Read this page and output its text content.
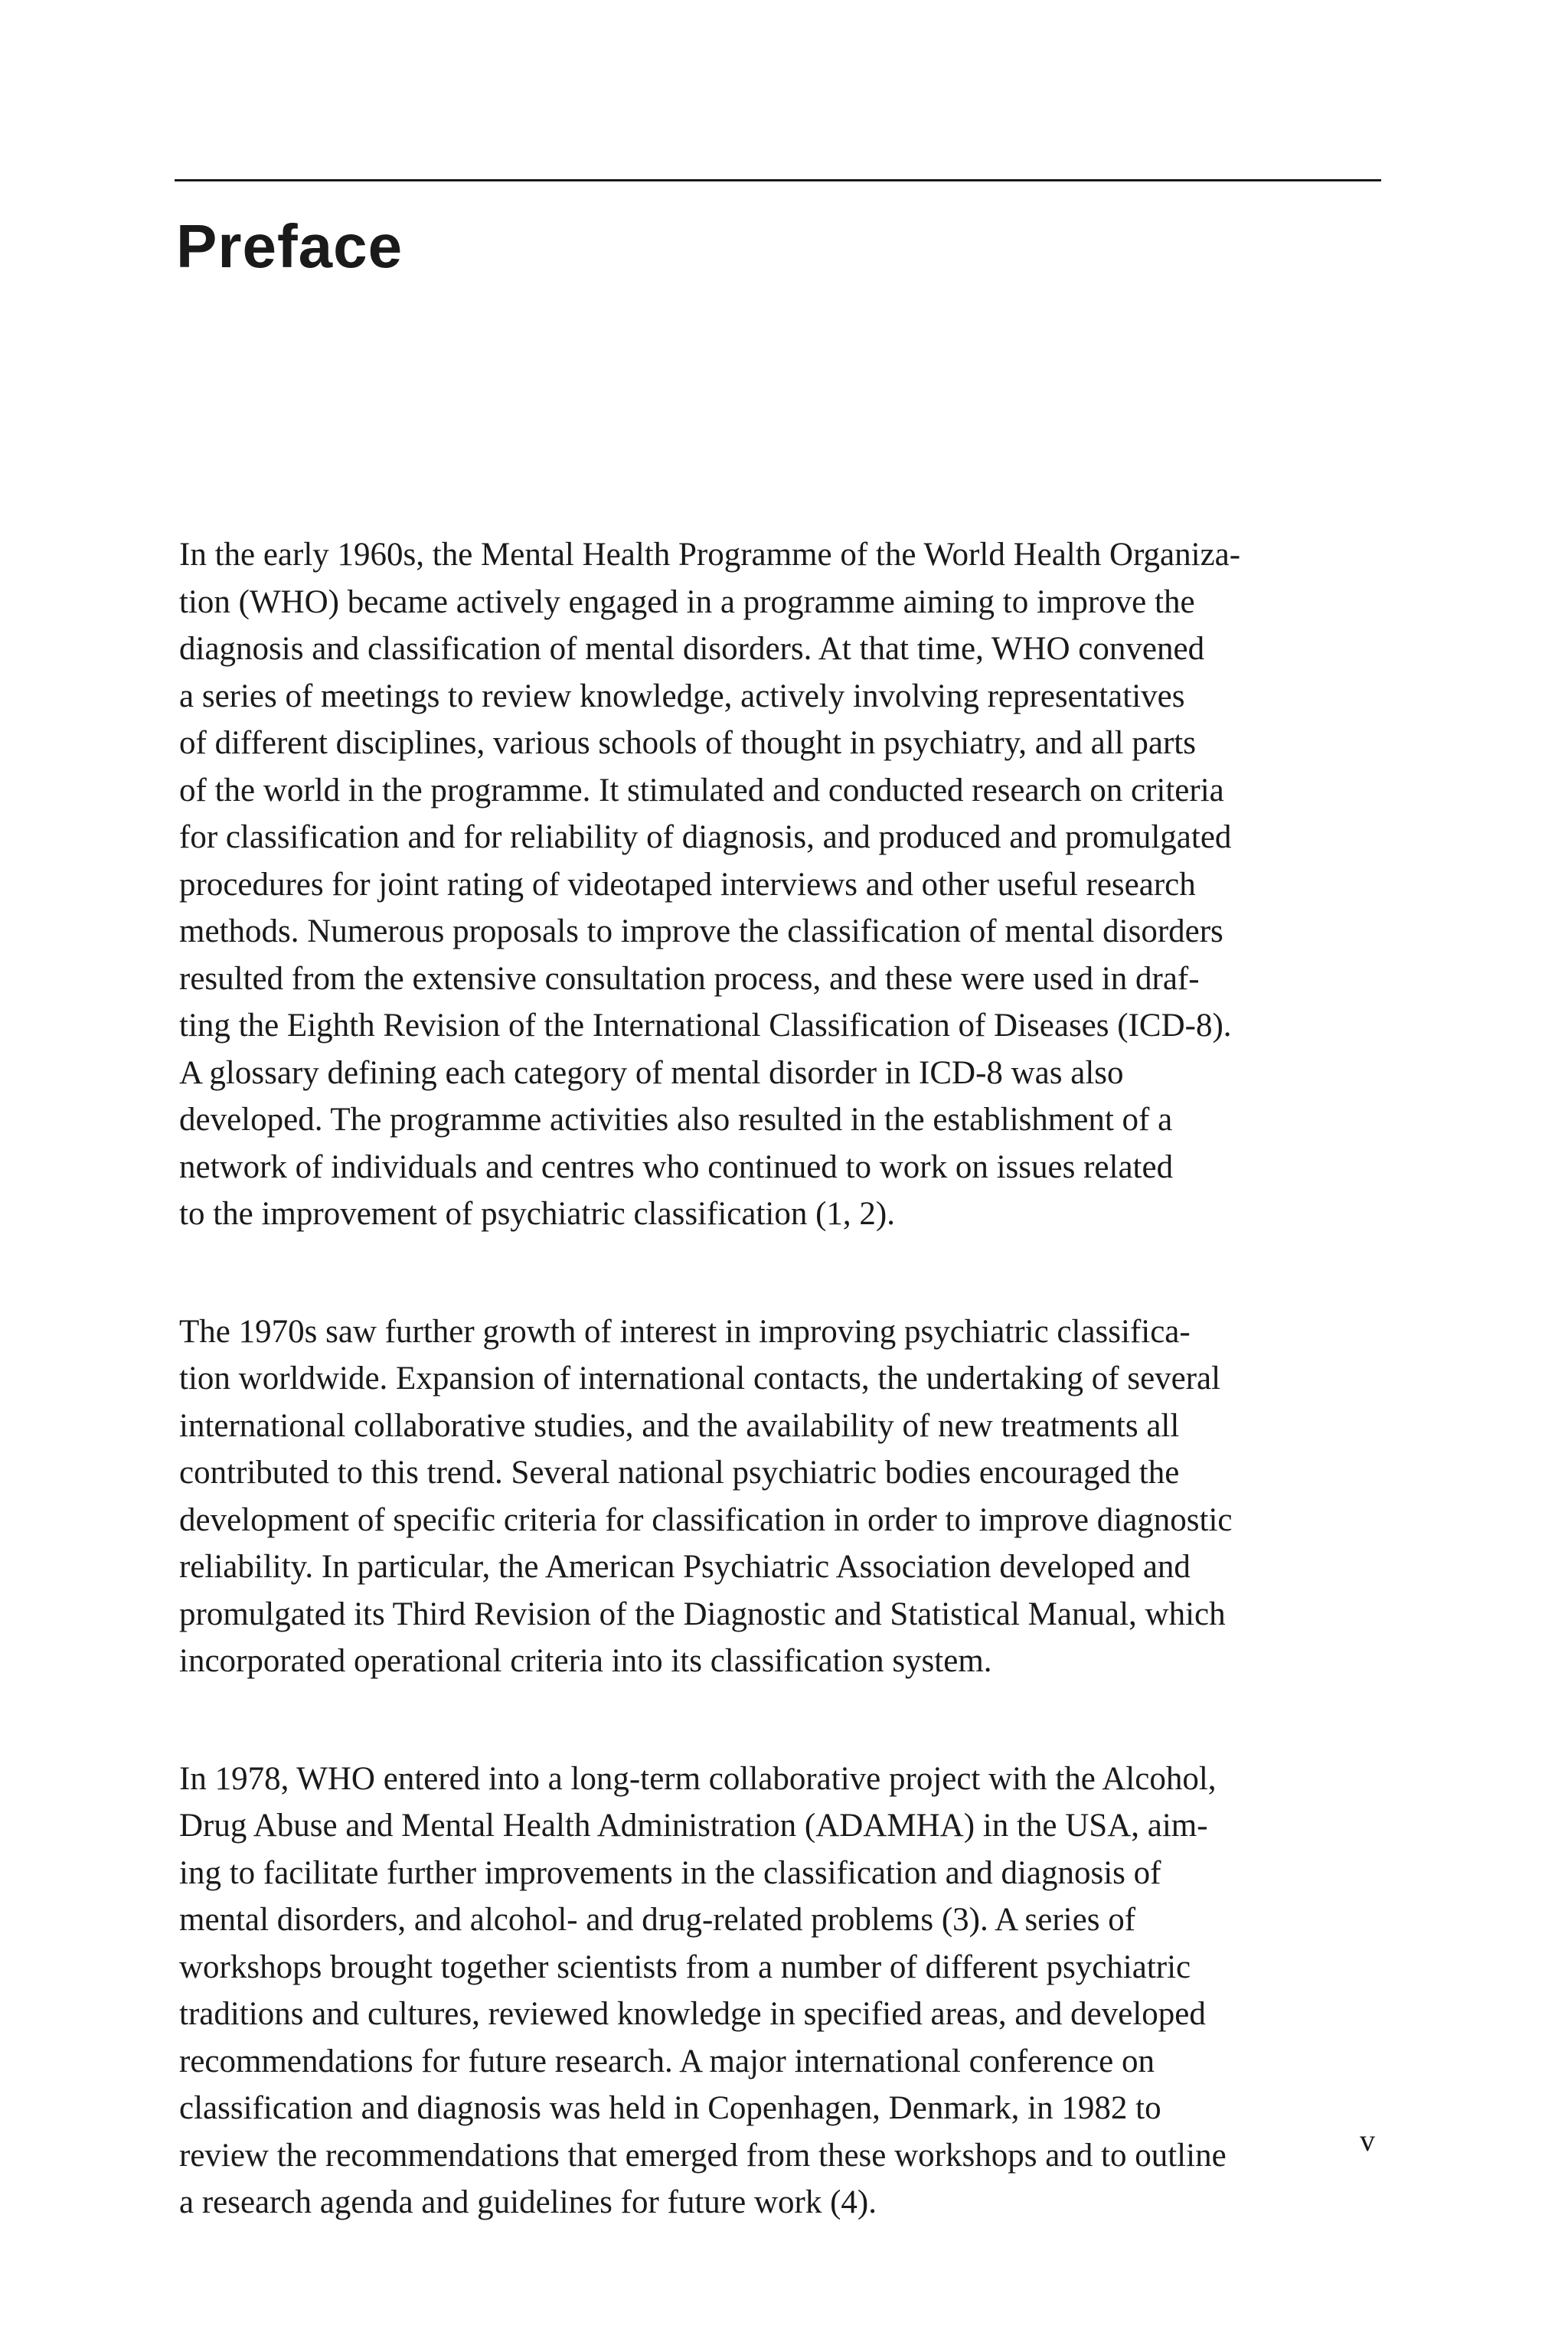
Preface

In the early 1960s, the Mental Health Programme of the World Health Organiza-
tion (WHO) became actively engaged in a programme aiming to improve the
diagnosis and classification of mental disorders. At that time, WHO convened
a series of meetings to review knowledge, actively involving representatives
of different disciplines, various schools of thought in psychiatry, and all parts
of the world in the programme. It stimulated and conducted research on criteria
for classification and for reliability of diagnosis, and produced and promulgated
procedures for joint rating of videotaped interviews and other useful research
methods. Numerous proposals to improve the classification of mental disorders
resulted from the extensive consultation process, and these were used in draf-
ting the Eighth Revision of the International Classification of Diseases (ICD-8).
A glossary defining each category of mental disorder in ICD-8 was also
developed. The programme activities also resulted in the establishment of a
network of individuals and centres who continued to work on issues related
to the improvement of psychiatric classification (1, 2).

The 1970s saw further growth of interest in improving psychiatric classifica-
tion worldwide. Expansion of international contacts, the undertaking of several
international collaborative studies, and the availability of new treatments all
contributed to this trend. Several national psychiatric bodies encouraged the
development of specific criteria for classification in order to improve diagnostic
reliability. In particular, the American Psychiatric Association developed and
promulgated its Third Revision of the Diagnostic and Statistical Manual, which
incorporated operational criteria into its classification system.

In 1978, WHO entered into a long-term collaborative project with the Alcohol,
Drug Abuse and Mental Health Administration (ADAMHA) in the USA, aim-
ing to facilitate further improvements in the classification and diagnosis of
mental disorders, and alcohol- and drug-related problems (3). A series of
workshops brought together scientists from a number of different psychiatric
traditions and cultures, reviewed knowledge in specified areas, and developed
recommendations for future research. A major international conference on
classification and diagnosis was held in Copenhagen, Denmark, in 1982 to
review the recommendations that emerged from these workshops and to outline
a research agenda and guidelines for future work (4).

v
